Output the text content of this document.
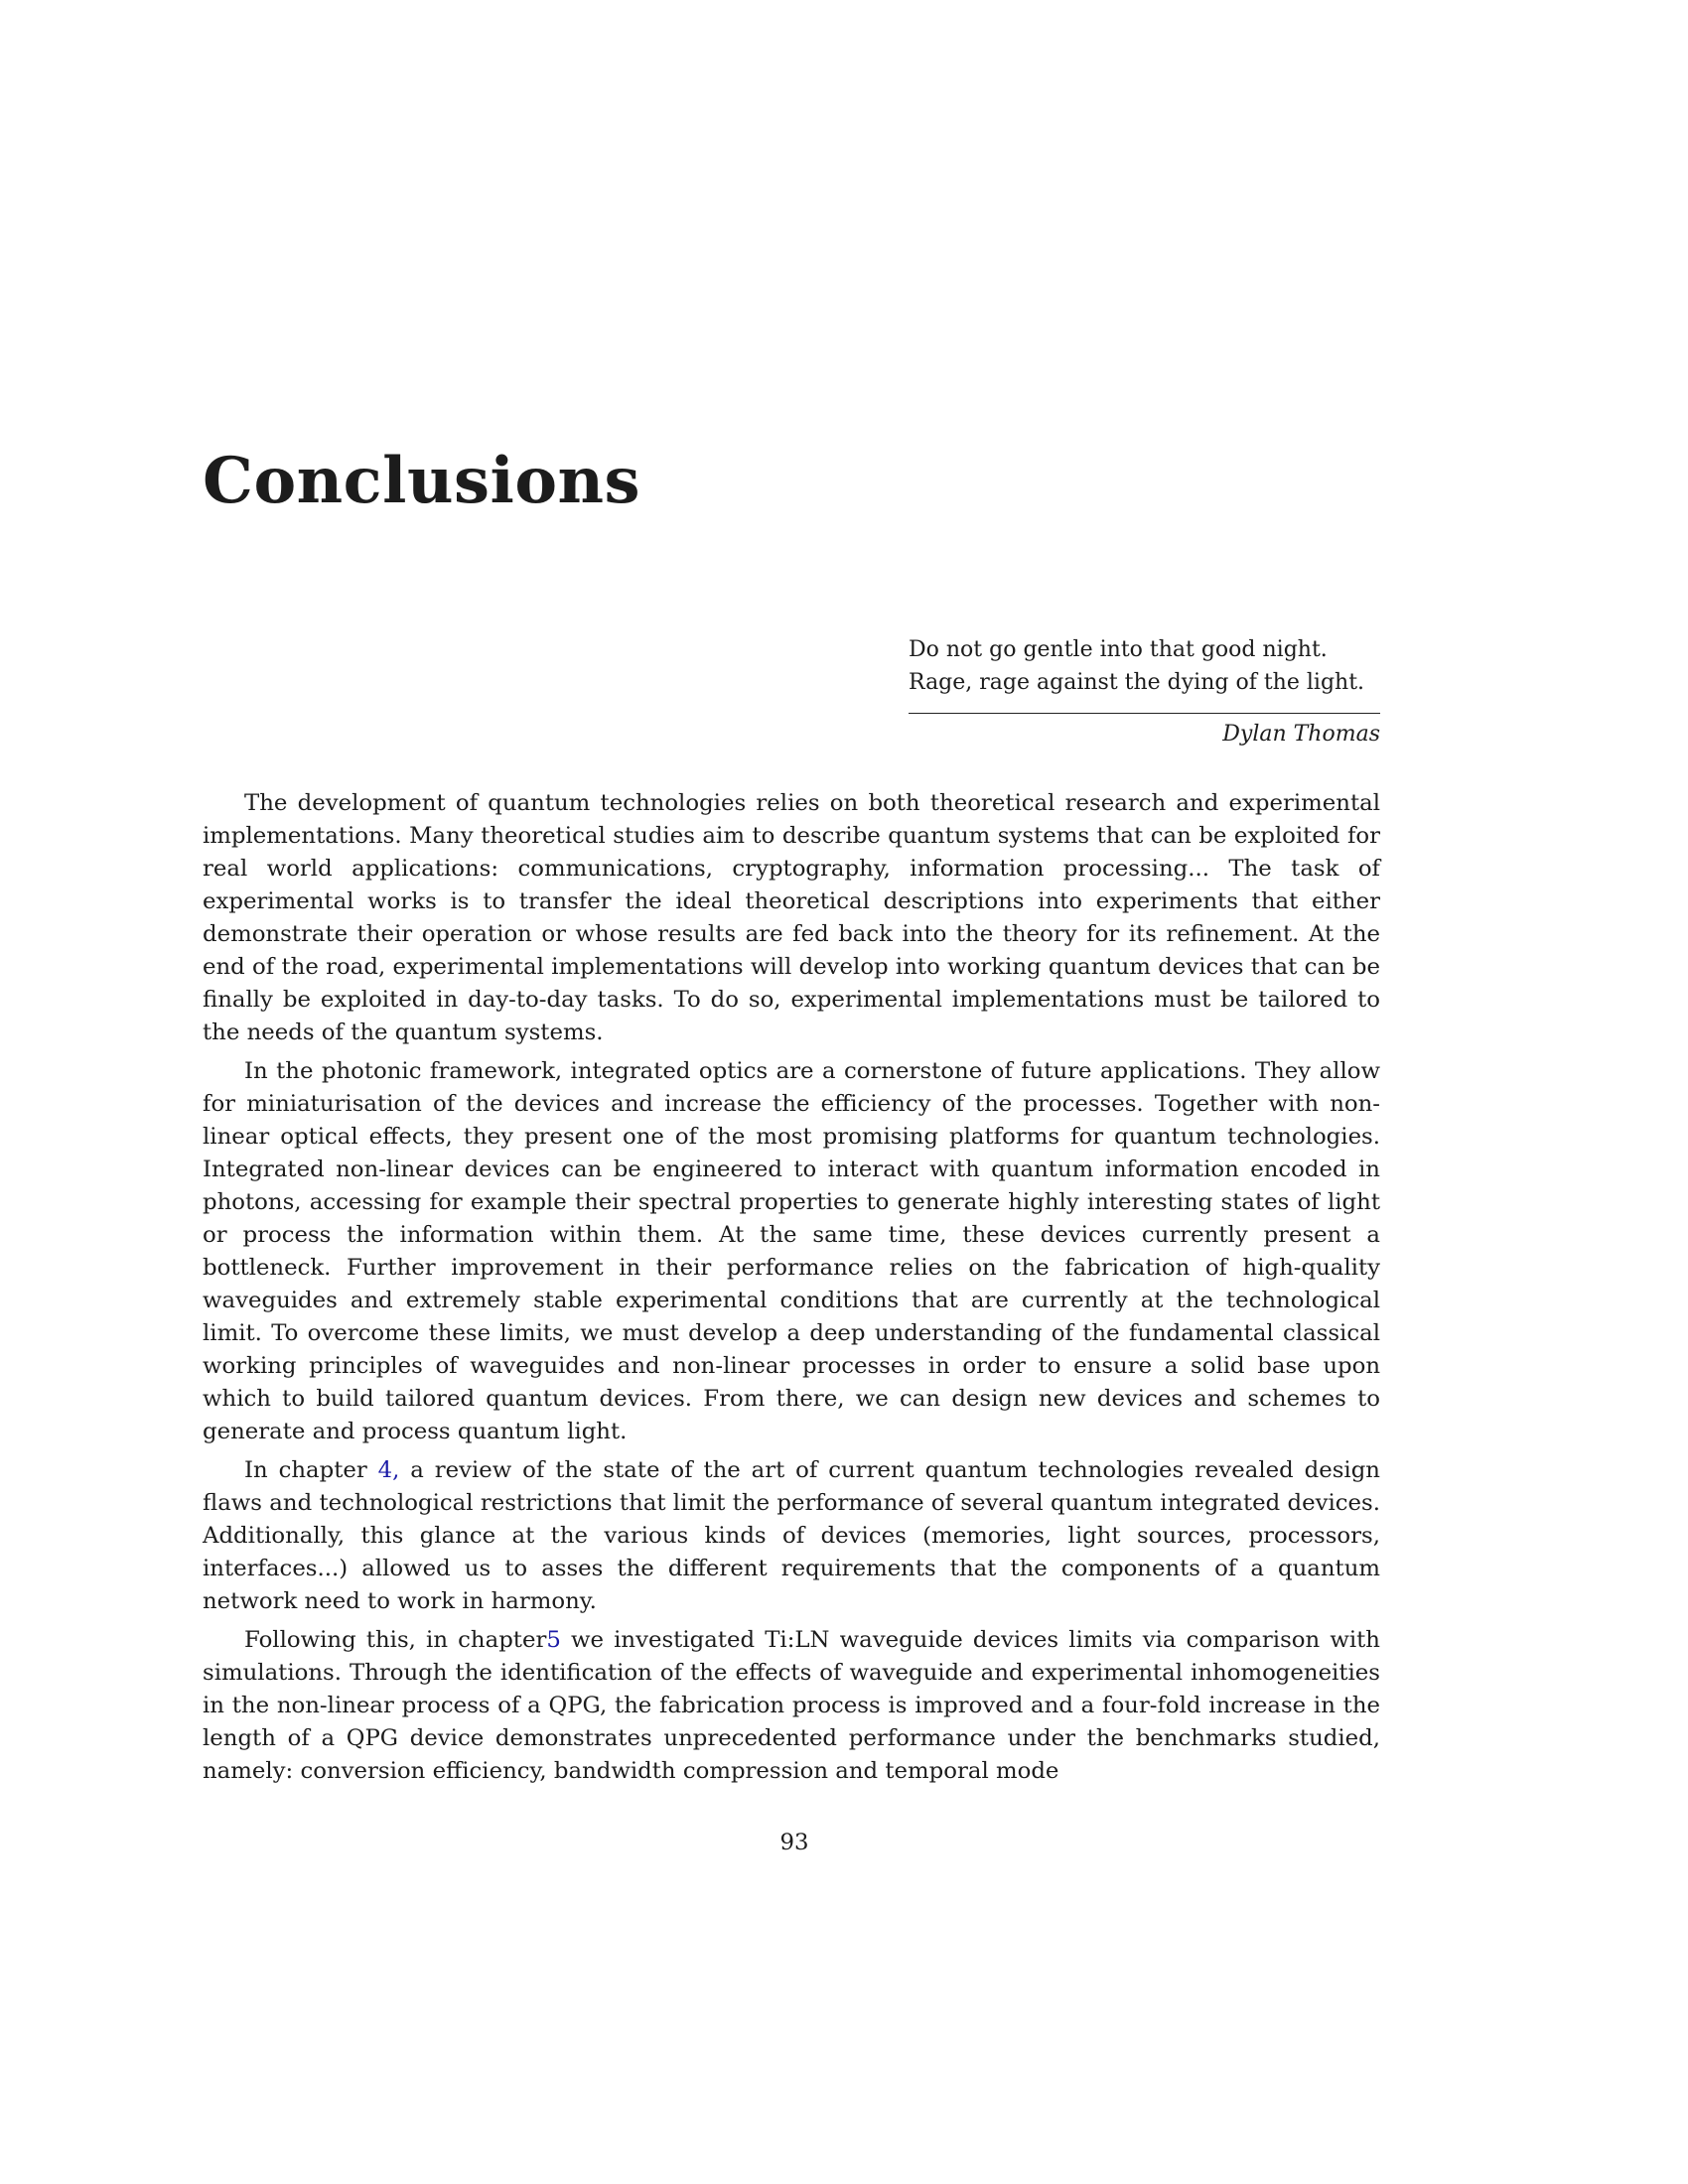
Conclusions
Do not go gentle into that good night.
Rage, rage against the dying of the light.
Dylan Thomas

The development of quantum technologies relies on both theoretical research and experimental implementations. Many theoretical studies aim to describe quantum systems that can be exploited for real world applications: communications, cryptography, information processing... The task of experimental works is to transfer the ideal theoretical descriptions into experiments that either demonstrate their operation or whose results are fed back into the theory for its refinement. At the end of the road, experimental implementations will develop into working quantum devices that can be finally be exploited in day-to-day tasks. To do so, experimental implementations must be tailored to the needs of the quantum systems.

In the photonic framework, integrated optics are a cornerstone of future applications. They allow for miniaturisation of the devices and increase the efficiency of the processes. Together with non-linear optical effects, they present one of the most promising platforms for quantum technologies. Integrated non-linear devices can be engineered to interact with quantum information encoded in photons, accessing for example their spectral properties to generate highly interesting states of light or process the information within them. At the same time, these devices currently present a bottleneck. Further improvement in their performance relies on the fabrication of high-quality waveguides and extremely stable experimental conditions that are currently at the technological limit. To overcome these limits, we must develop a deep understanding of the fundamental classical working principles of waveguides and non-linear processes in order to ensure a solid base upon which to build tailored quantum devices. From there, we can design new devices and schemes to generate and process quantum light.

In chapter 4, a review of the state of the art of current quantum technologies revealed design flaws and technological restrictions that limit the performance of several quantum integrated devices. Additionally, this glance at the various kinds of devices (memories, light sources, processors, interfaces...) allowed us to asses the different requirements that the components of a quantum network need to work in harmony.

Following this, in chapter5 we investigated Ti:LN waveguide devices limits via comparison with simulations. Through the identification of the effects of waveguide and experimental inhomogeneities in the non-linear process of a QPG, the fabrication process is improved and a four-fold increase in the length of a QPG device demonstrates unprecedented performance under the benchmarks studied, namely: conversion efficiency, bandwidth compression and temporal mode

93
